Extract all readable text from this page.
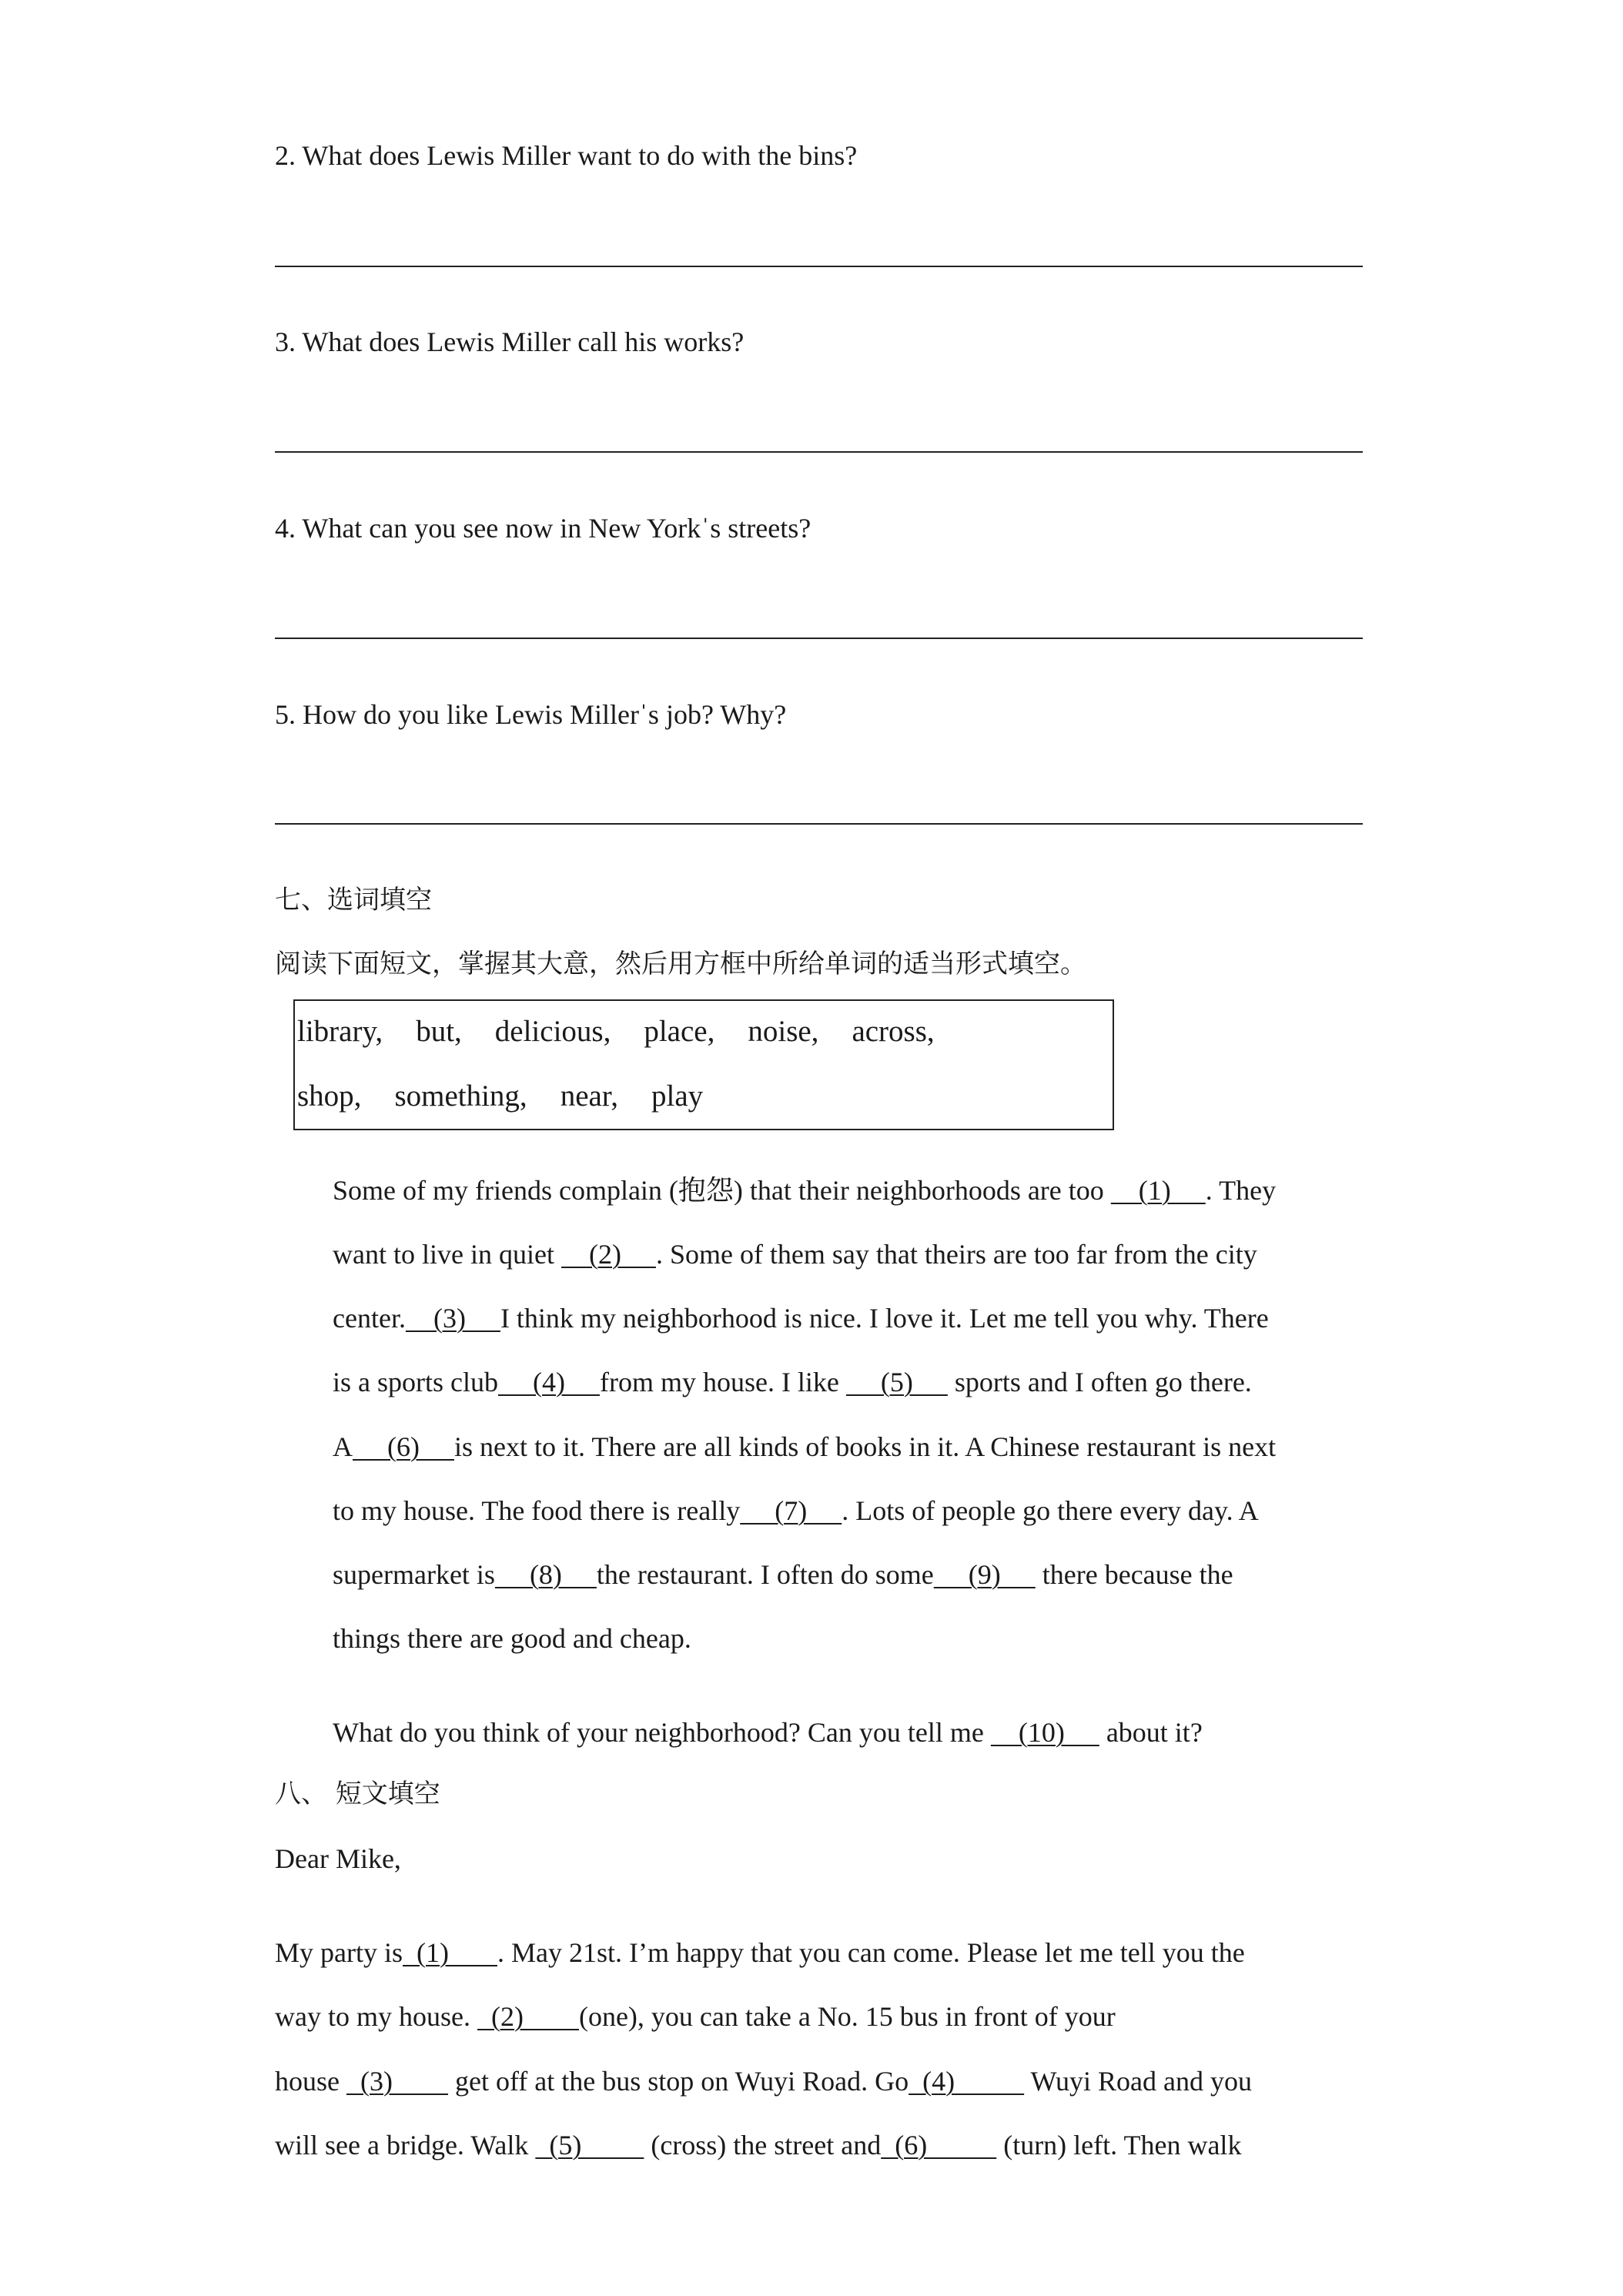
2. What does Lewis Miller want to do with the bins?
3. What does Lewis Miller call his works?
4. What can you see now in New Yorkˈs streets?
5. How do you like Lewis Millerˈs job? Why?
七、选词填空
阅读下面短文，掌握其大意，然后用方框中所给单词的适当形式填空。
library, but, delicious, place, noise, across,
shop, something, near, play
Some of my friends complain (抱怨) that their neighborhoods are too     (1)     . They
want to live in quiet     (2)     . Some of them say that theirs are too far from the city
center.    (3)     I think my neighborhood is nice. I love it. Let me tell you why. There
is a sports club     (4)     from my house. I like      (5)      sports and I often go there.
A     (6)     is next to it. There are all kinds of books in it. A Chinese restaurant is next
to my house. The food there is really     (7)     . Lots of people go there every day. A
supermarket is     (8)     the restaurant. I often do some     (9)      there because the
things there are good and cheap.
What do you think of your neighborhood? Can you tell me     (10)      about it?
八、 短文填空
Dear Mike,
My party is  (1)       . May 21st. I’m happy that you can come. Please let me tell you the
way to my house.   (2)        (one), you can take a No. 15 bus in front of your
house   (3)         get off at the bus stop on Wuyi Road. Go  (4)           Wuyi Road and you
will see a bridge. Walk   (5)          (cross) the street and  (6)           (turn) left. Then walk
